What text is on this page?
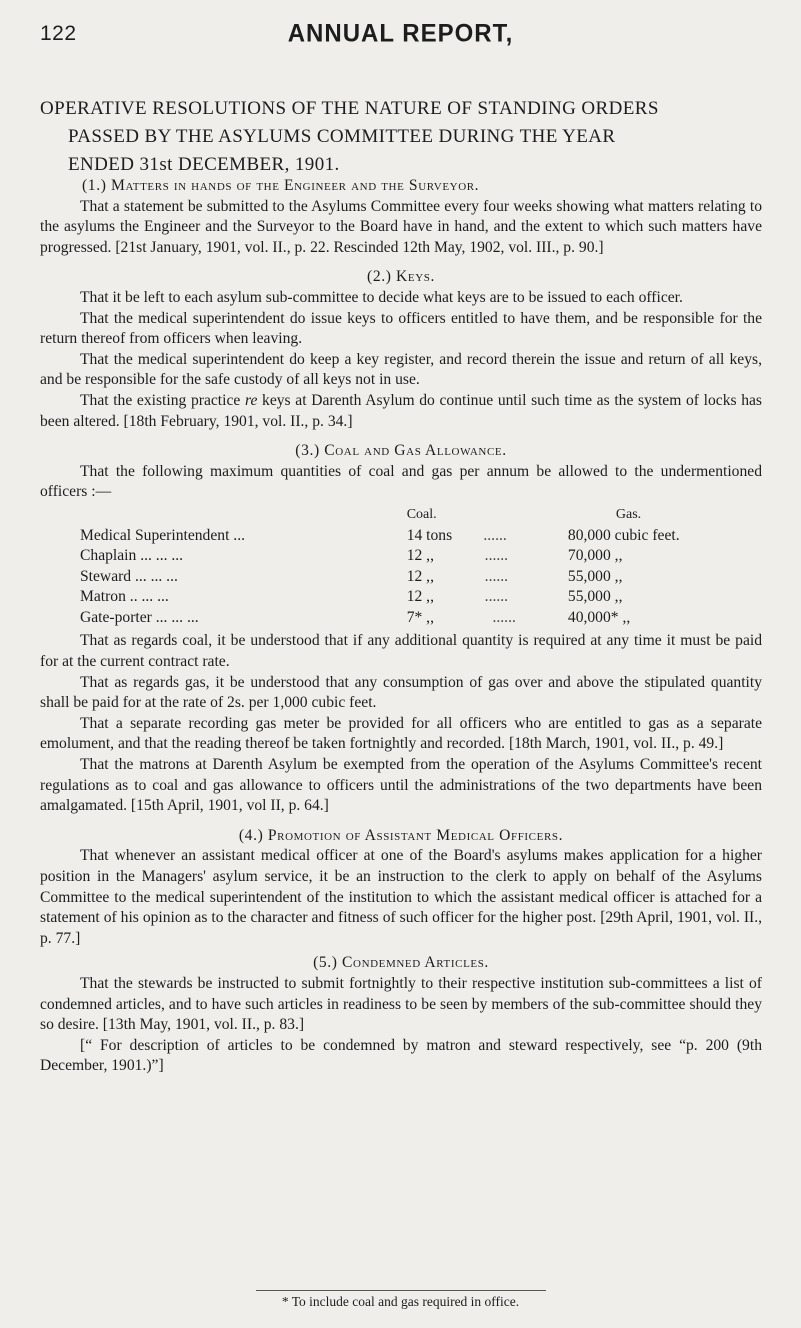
122	ANNUAL REPORT,
OPERATIVE RESOLUTIONS OF THE NATURE OF STANDING ORDERS
PASSED BY THE ASYLUMS COMMITTEE DURING THE YEAR
ENDED 31st DECEMBER, 1901.

(1.) Matters in hands of the Engineer and the Surveyor.

That a statement be submitted to the Asylums Committee every four weeks showing what matters relating to the asylums the Engineer and the Surveyor to the Board have in hand, and the extent to which such matters have progressed. [21st January, 1901, vol. II., p. 22. Rescinded 12th May, 1902, vol. III., p. 90.]

(2.) Keys.

That it be left to each asylum sub-committee to decide what keys are to be issued to each officer.

That the medical superintendent do issue keys to officers entitled to have them, and be responsible for the return thereof from officers when leaving.

That the medical superintendent do keep a key register, and record therein the issue and return of all keys, and be responsible for the safe custody of all keys not in use.

That the existing practice re keys at Darenth Asylum do continue until such time as the system of locks has been altered. [18th February, 1901, vol. II., p. 34.]

(3.) Coal and Gas Allowance.

That the following maximum quantities of coal and gas per annum be allowed to the undermentioned officers :—

	Coal.	Gas.
Medical Superintendent ...	14 tons ......	80,000 cubic feet.
Chaplain ... ... ...	12 ,, ......	70,000 ,,
Steward ... ... ...	12 ,, ......	55,000 ,,
Matron .. ... ...	12 ,, ......	55,000 ,,
Gate-porter ... ... ...	7* ,, ......	40,000* ,,

That as regards coal, it be understood that if any additional quantity is required at any time it must be paid for at the current contract rate.

That as regards gas, it be understood that any consumption of gas over and above the stipulated quantity shall be paid for at the rate of 2s. per 1,000 cubic feet.

That a separate recording gas meter be provided for all officers who are entitled to gas as a separate emolument, and that the reading thereof be taken fortnightly and recorded. [18th March, 1901, vol. II., p. 49.]

That the matrons at Darenth Asylum be exempted from the operation of the Asylums Committee's recent regulations as to coal and gas allowance to officers until the administrations of the two departments have been amalgamated. [15th April, 1901, vol II, p. 64.]

(4.) Promotion of Assistant Medical Officers.

That whenever an assistant medical officer at one of the Board's asylums makes application for a higher position in the Managers' asylum service, it be an instruction to the clerk to apply on behalf of the Asylums Committee to the medical superintendent of the institution to which the assistant medical officer is attached for a statement of his opinion as to the character and fitness of such officer for the higher post. [29th April, 1901, vol. II., p. 77.]

(5.) Condemned Articles.

That the stewards be instructed to submit fortnightly to their respective institution sub-committees a list of condemned articles, and to have such articles in readiness to be seen by members of the sub-committee should they so desire. [13th May, 1901, vol. II., p. 83.]

[“ For description of articles to be condemned by matron and steward respectively, see “p. 200 (9th December, 1901.)”]

* To include coal and gas required in office.
